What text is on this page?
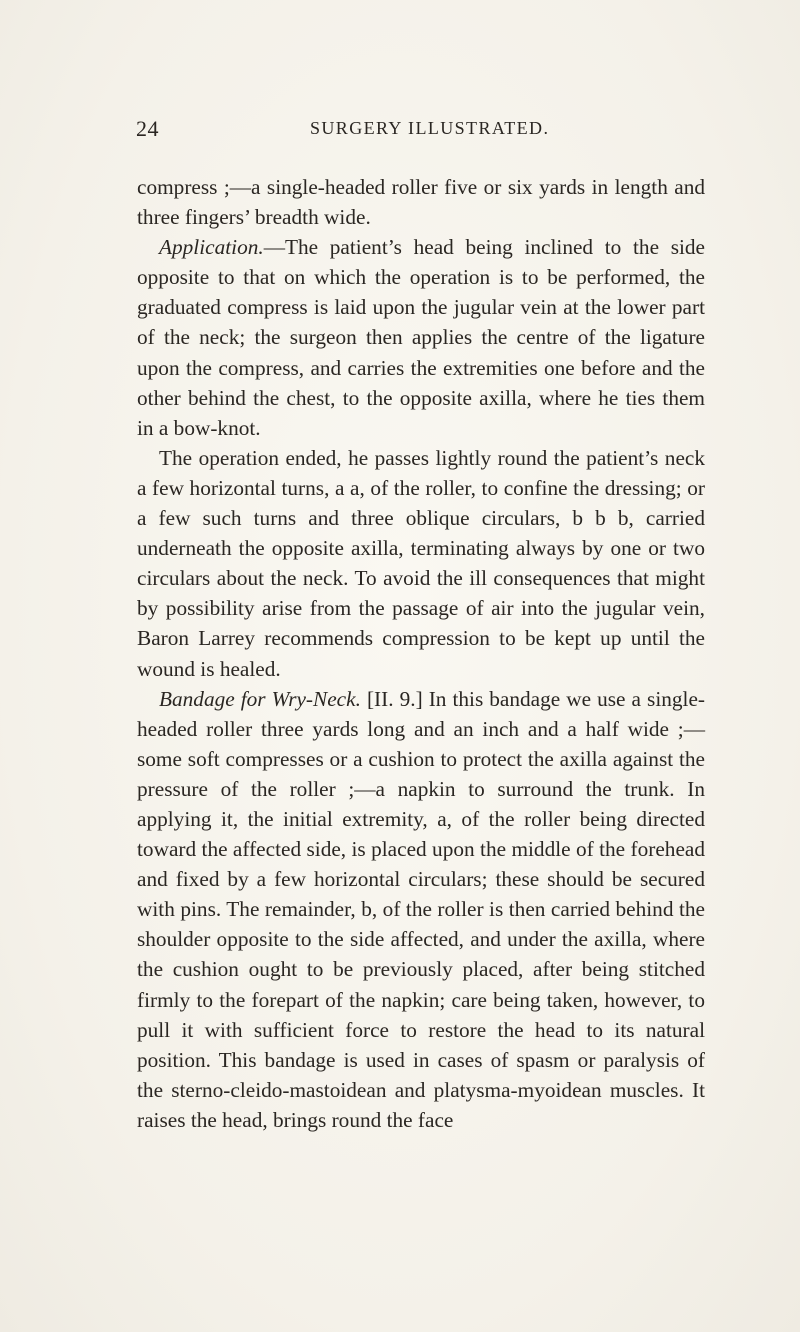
24	SURGERY ILLUSTRATED.

compress ;—a single-headed roller five or six yards in length and three fingers’ breadth wide.

Application.—The patient’s head being inclined to the side opposite to that on which the operation is to be performed, the graduated compress is laid upon the jugular vein at the lower part of the neck; the surgeon then applies the centre of the ligature upon the compress, and carries the extremities one before and the other behind the chest, to the opposite axilla, where he ties them in a bow-knot.

The operation ended, he passes lightly round the patient’s neck a few horizontal turns, a a, of the roller, to confine the dressing; or a few such turns and three oblique circulars, b b b, carried underneath the opposite axilla, terminating always by one or two circulars about the neck. To avoid the ill consequences that might by possibility arise from the passage of air into the jugular vein, Baron Larrey recommends compression to be kept up until the wound is healed.

Bandage for Wry-Neck. [II. 9.] In this bandage we use a single-headed roller three yards long and an inch and a half wide ;—some soft compresses or a cushion to protect the axilla against the pressure of the roller ;—a napkin to surround the trunk. In applying it, the initial extremity, a, of the roller being directed toward the affected side, is placed upon the middle of the forehead and fixed by a few horizontal circulars; these should be secured with pins. The remainder, b, of the roller is then carried behind the shoulder opposite to the side affected, and under the axilla, where the cushion ought to be previously placed, after being stitched firmly to the forepart of the napkin; care being taken, however, to pull it with sufficient force to restore the head to its natural position. This bandage is used in cases of spasm or paralysis of the sterno-cleido-mastoidean and platysma-myoidean muscles. It raises the head, brings round the face
